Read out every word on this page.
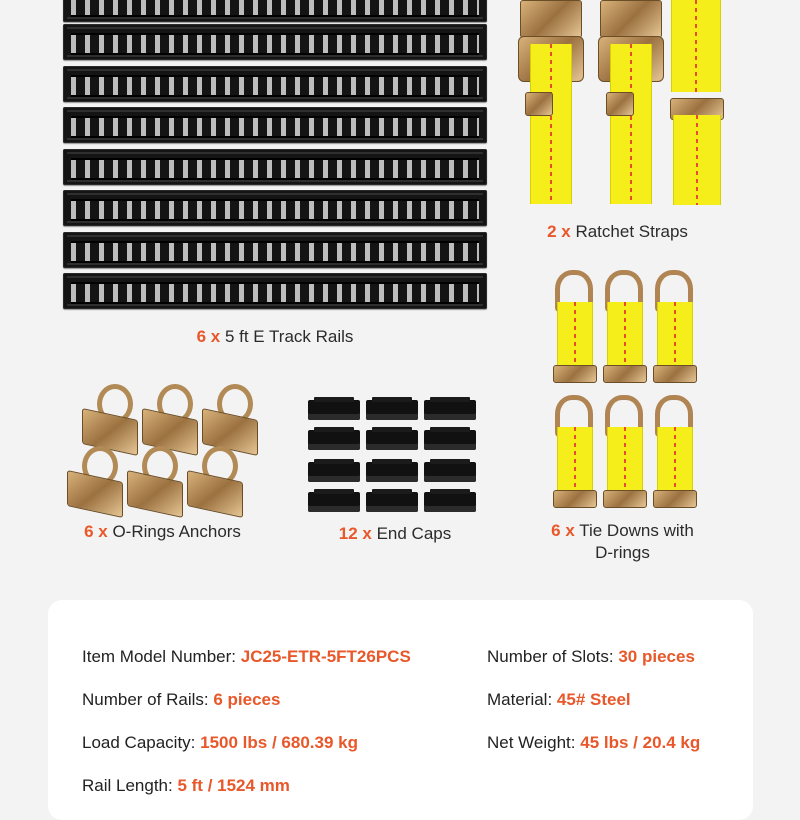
6 x 5 ft E Track Rails
2 x Ratchet Straps
6 x Tie Downs with
D-rings
6 x O-Rings Anchors	12 x End Caps
Item Model Number: JC25-ETR-5FT26PCS	Number of Slots: 30 pieces
Number of Rails: 6 pieces	Material: 45# Steel
Load Capacity: 1500 lbs / 680.39 kg	Net Weight: 45 lbs / 20.4 kg
Rail Length: 5 ft / 1524 mm
